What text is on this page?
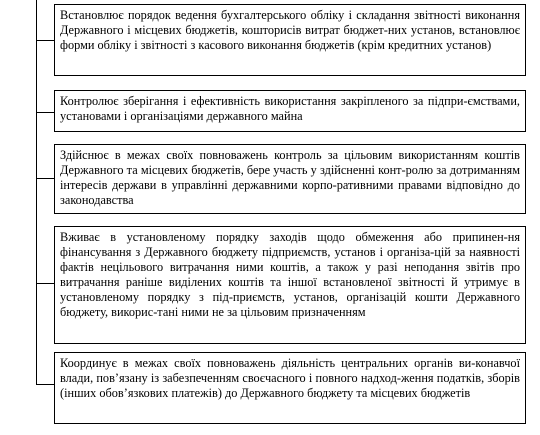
Встановлює порядок ведення бухгалтерського обліку і складання звітності виконання Державного і місцевих бюджетів, кошторисів витрат бюджет-них установ, встановлює форми обліку і звітності з касового виконання бюджетів (крім кредитних установ)
Контролює зберігання і ефективність використання закріпленого за підпри-ємствами, установами і організаціями державного майна
Здійснює в межах своїх повноважень контроль за цільовим використанням коштів Державного та місцевих бюджетів, бере участь у здійсненні конт-ролю за дотриманням інтересів держави в управлінні державними корпо-ративними правами відповідно до законодавства
Вживає в установленому порядку заходів щодо обмеження або припинен-ня фінансування з Державного бюджету підприємств, установ і організа-цій за наявності фактів нецільового витрачання ними коштів, а також у разі неподання звітів про витрачання раніше виділених коштів та іншої встановленої звітності й утримує в установленому порядку з під-приємств, установ, організацій кошти Державного бюджету, викорис-тані ними не за цільовим призначенням
Координує в межах своїх повноважень діяльність центральних органів ви-конавчої влади, пов’язану із забезпеченням своєчасного і повного надход-ження податків, зборів (інших обов’язкових платежів) до Державного бюджету та місцевих бюджетів
